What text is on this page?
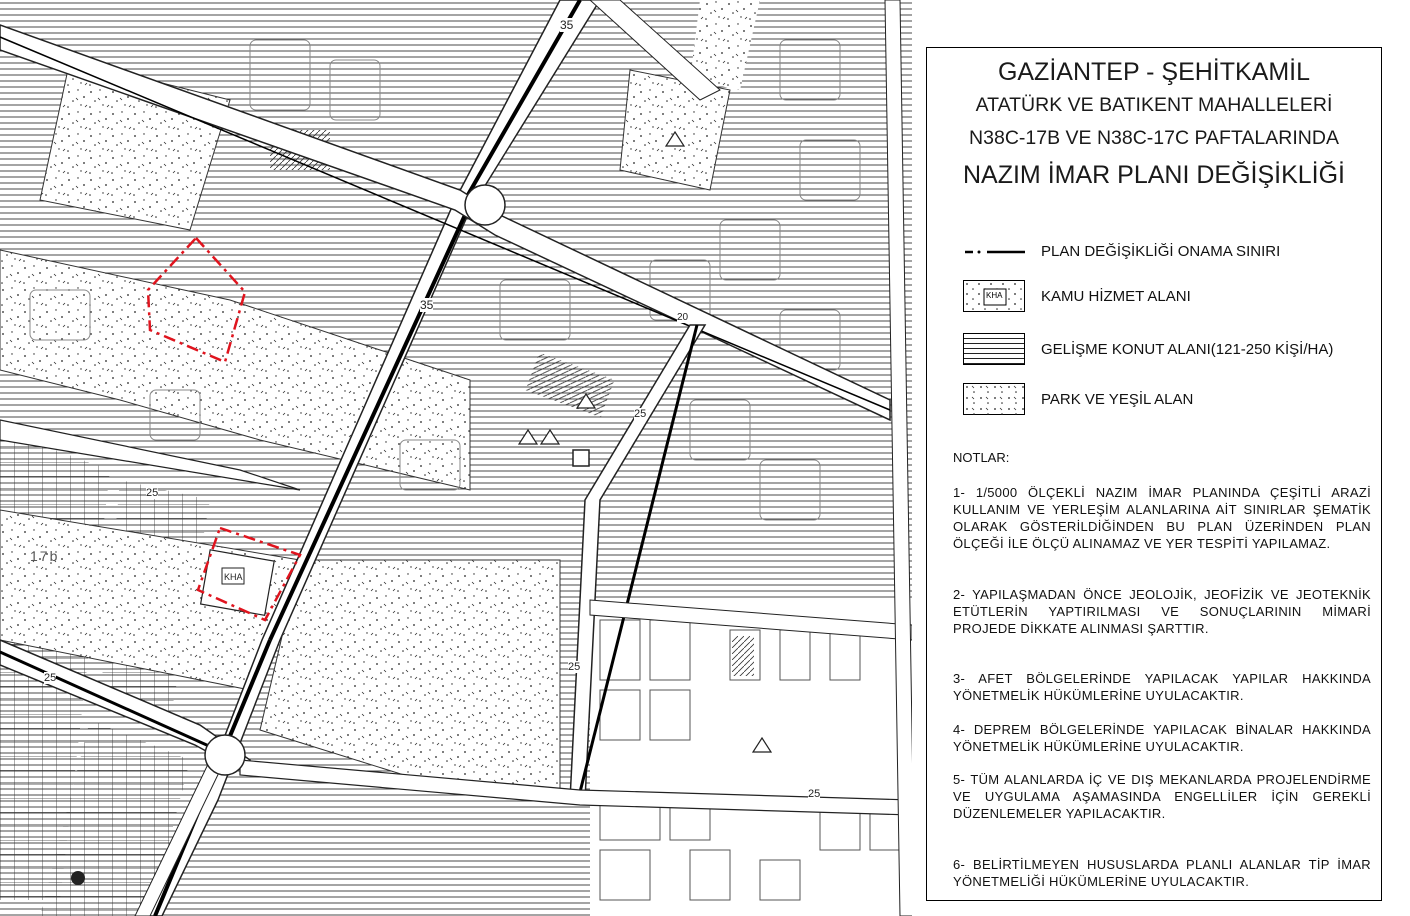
35
35
20
25
25
25
25
25
KHA
17b
GAZİANTEP - ŞEHİTKAMİL
ATATÜRK VE BATIKENT MAHALLELERİ
N38C-17B VE N38C-17C PAFTALARINDA
NAZIM İMAR PLANI DEĞİŞİKLİĞİ
PLAN DEĞİŞİKLİĞİ ONAMA SINIRI
KHA	KAMU HİZMET ALANI
GELİŞME KONUT ALANI(121-250 KİŞİ/HA)
PARK VE YEŞİL ALAN
NOTLAR:
1- 1/5000 ÖLÇEKLİ NAZIM İMAR PLANINDA ÇEŞİTLİ ARAZİ KULLANIM VE YERLEŞİM ALANLARINA AİT SINIRLAR ŞEMATİK OLARAK GÖSTERİLDİĞİNDEN BU PLAN ÜZERİNDEN PLAN ÖLÇEĞİ İLE ÖLÇÜ ALINAMAZ VE YER TESPİTİ YAPILAMAZ.
2- YAPILAŞMADAN ÖNCE JEOLOJİK, JEOFİZİK VE JEOTEKNİK ETÜTLERİN YAPTIRILMASI VE SONUÇLARININ MİMARİ PROJEDE DİKKATE ALINMASI ŞARTTIR.
3- AFET BÖLGELERİNDE YAPILACAK YAPILAR HAKKINDA YÖNETMELİK HÜKÜMLERİNE UYULACAKTIR.
4- DEPREM BÖLGELERİNDE YAPILACAK BİNALAR HAKKINDA YÖNETMELİK HÜKÜMLERİNE UYULACAKTIR.
5- TÜM ALANLARDA İÇ VE DIŞ MEKANLARDA PROJELENDİRME VE UYGULAMA AŞAMASINDA ENGELLİLER İÇİN GEREKLİ DÜZENLEMELER YAPILACAKTIR.
6- BELİRTİLMEYEN HUSUSLARDA PLANLI ALANLAR TİP İMAR YÖNETMELİĞİ HÜKÜMLERİNE UYULACAKTIR.
